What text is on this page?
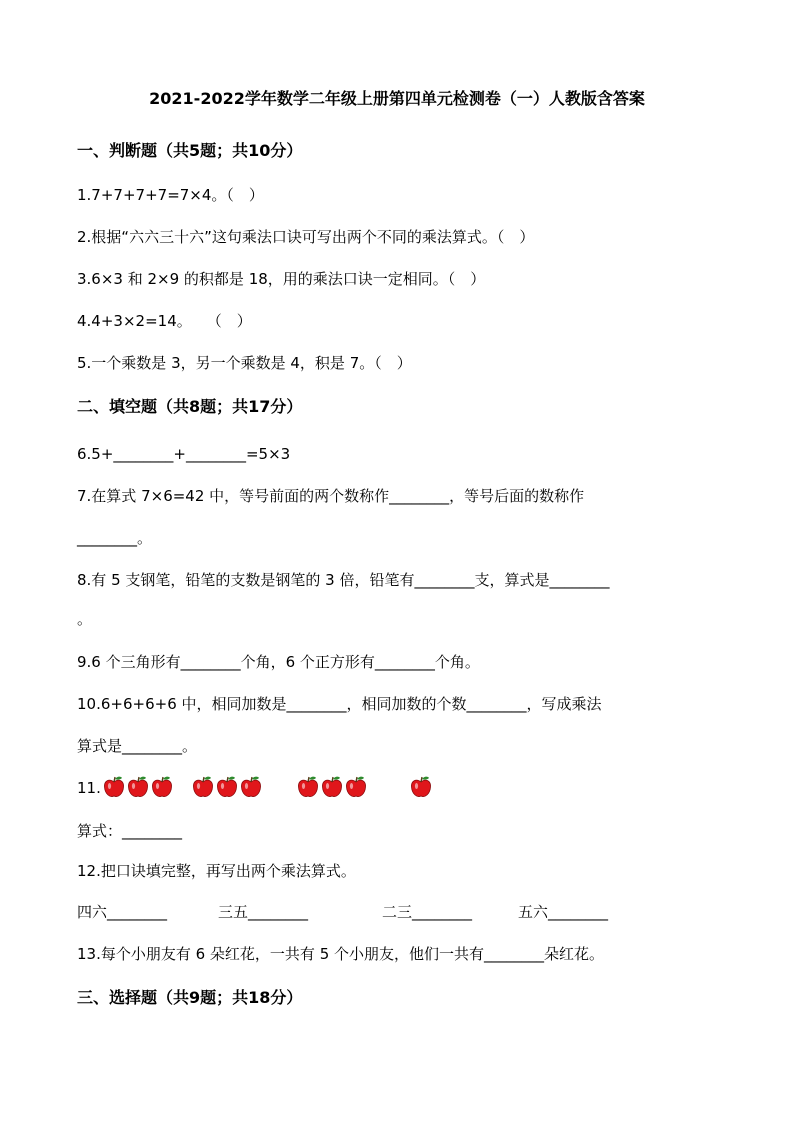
2021-2022学年数学二年级上册第四单元检测卷（一）人教版含答案
一、判断题（共5题；共10分）
1.7+7+7+7=7×4。（　）
2.根据“六六三十六”这句乘法口诀可写出两个不同的乘法算式。（　）
3.6×3 和 2×9 的积都是 18，用的乘法口诀一定相同。（　）
4.4+3×2=14。　　（　）
5.一个乘数是 3，另一个乘数是 4，积是 7。（　）
二、填空题（共8题；共17分）
6.5+________+________=5×3
7.在算式 7×6=42 中，等号前面的两个数称作________，等号后面的数称作
________。
8.有 5 支钢笔，铅笔的支数是钢笔的 3 倍，铅笔有________支，算式是________
。
9.6 个三角形有________个角，6 个正方形有________个角。
10.6+6+6+6 中，相同加数是________，相同加数的个数________，写成乘法
算式是________。
11.
算式：________
12.把口诀填完整，再写出两个乘法算式。
四六________	三五________	二三________	五六________
13.每个小朋友有 6 朵红花，一共有 5 个小朋友，他们一共有________朵红花。
三、选择题（共9题；共18分）
